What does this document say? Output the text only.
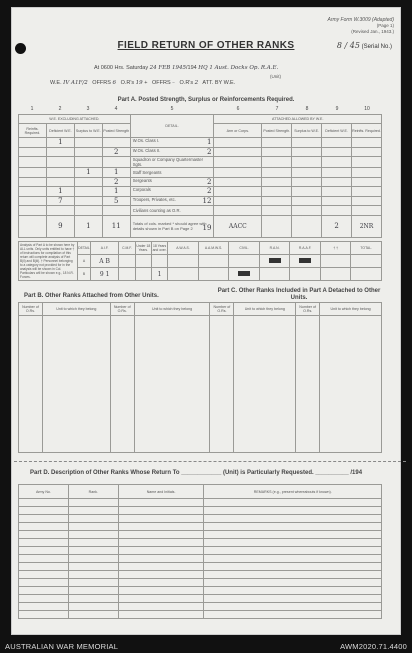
Army Form W.3009 (Adapted)
(Page 1)
(Revised Jan., 1943.)
8 / 45 (Serial No.)
FIELD RETURN OF OTHER RANKS
At 0600 Hrs. Saturday 24 FEB 1945/194 HQ 1 Aust. Docks Op. R.A.E.
(Unit)
W.E. IV A1F/2 OFFRS 6 O.R's 19 +   OFFRS – O.R's 2 ATT. BY W.E.
Part A. Posted Strength, Surplus or Reinforcements Required.
1	2	3	4	5	6	7	8	9	10
W.E. EXCLUDING ATTACHED.				DETAIL.	ATTACHED ALLOWED BY W.E.				
Reinfts. Required.	Deficient W.E.	Surplus to W.E.	Posted Strength		Arm or Corps.	Posted Strength.	Surplus to W.E.	Deficient W.E.	Reinfts. Required.
	1			W.Os. Class I. 1					

			2	W.Os. Class II. 2					

				Squadron or Company Quartermaster Sgts.

		1	1	Staff Sergeants

			2	Sergeants 2					

	1		1	Corporals 2					

	7		5	Troopers, Privates, etc. 12					

				Civilians counting as O.R.

	9	1	11	Totals of cols. marked * should agree with details shown in Part B on Page 2 19	AACC			2	2NR
Analysis of Part A to be shown here by ALL units. Only units entitled to have † of Instructions for compilation of this return will complete analysis of Part B(ii) and B(iii). † Personnel belonging to a category not provided for in the analysis will be shown in Col. Particulars will be shown e.g., 18 N.R. Forces.	DETAIL	A.I.F.	C.M.F.	Under 18 Years.	18 Years and over.	A.W.A.S.	A.A.M.W.S.	CIVIL.	R.A.N.	R.A.A.F.	† †	TOTAL.
	A	A B										
	B	9 1			1							
Part B. Other Ranks Attached from Other Units.
Part C. Other Ranks Included in Part A Detached to Other Units.
Number of O.Rs.	Unit to which they belong	Number of O.Rs.	Unit to which they belong	Number of O.Rs.	Unit to which they belong	Number of O.Rs.	Unit to which they belong

Part D. Description of Other Ranks Whose Return To ____________ (Unit) is Particularly Requested. __________ /194
Army No.	Rank.	Name and Initials.	REMARKS (e.g., present whereabouts if known).

AUSTRALIAN WAR MEMORIAL	AWM2020.71.4400
